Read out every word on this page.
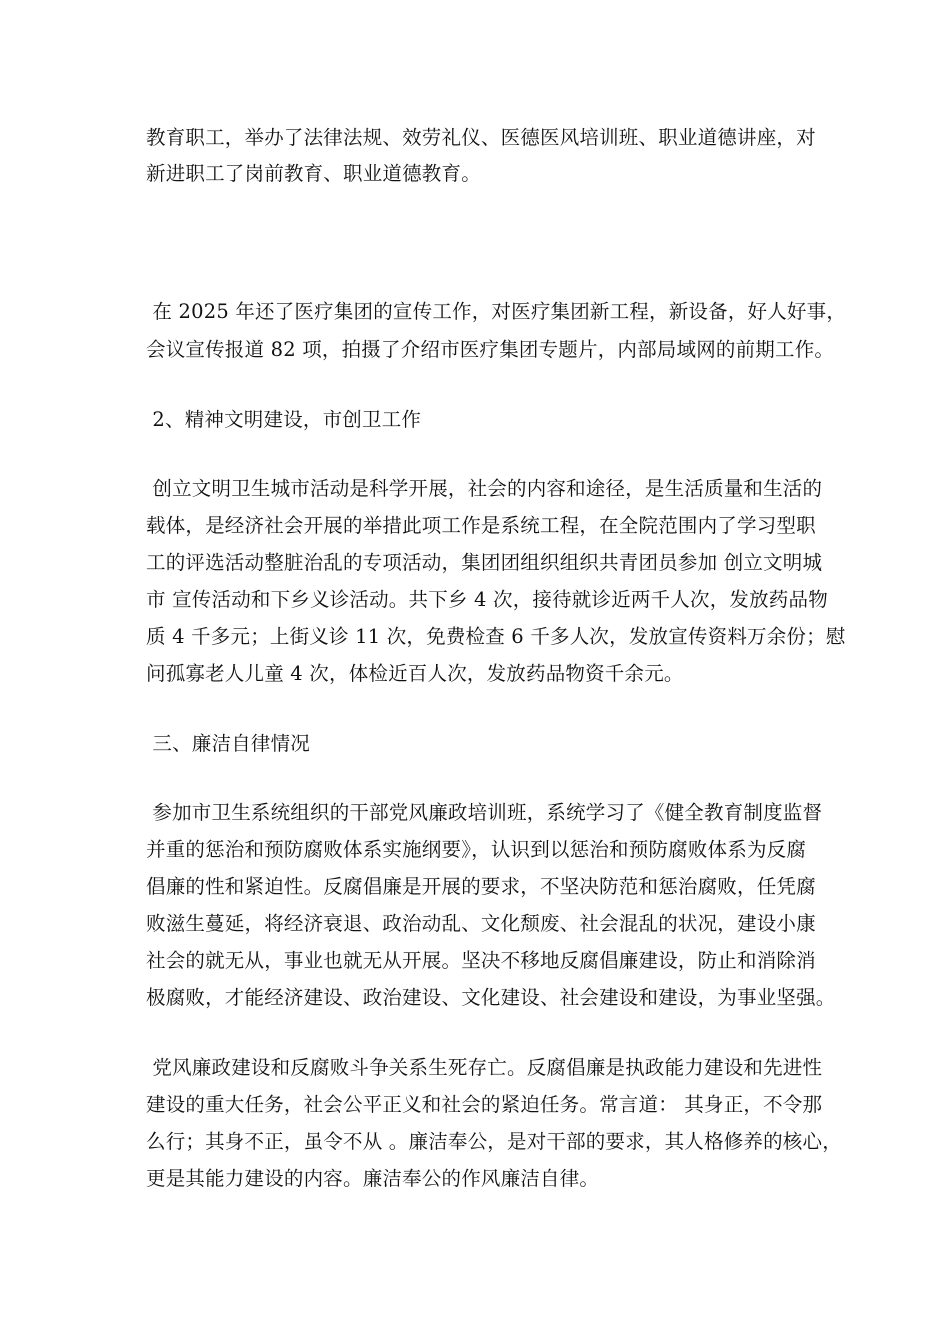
教育职工，举办了法律法规、效劳礼仪、医德医风培训班、职业道德讲座，对
新进职工了岗前教育、职业道德教育。
在 2025 年还了医疗集团的宣传工作，对医疗集团新工程，新设备，好人好事，
会议宣传报道 82 项，拍摄了介绍市医疗集团专题片，内部局域网的前期工作。
2、精神文明建设，市创卫工作
创立文明卫生城市活动是科学开展，社会的内容和途径，是生活质量和生活的
载体，是经济社会开展的举措此项工作是系统工程，在全院范围内了学习型职
工的评选活动整脏治乱的专项活动，集团团组织组织共青团员参加 创立文明城
市 宣传活动和下乡义诊活动。共下乡 4 次，接待就诊近两千人次，发放药品物
质 4 千多元；上街义诊 11 次，免费检查 6 千多人次，发放宣传资料万余份；慰
问孤寡老人儿童 4 次，体检近百人次，发放药品物资千余元。
三、廉洁自律情况
参加市卫生系统组织的干部党风廉政培训班，系统学习了《健全教育制度监督
并重的惩治和预防腐败体系实施纲要》，认识到以惩治和预防腐败体系为反腐
倡廉的性和紧迫性。反腐倡廉是开展的要求，不坚决防范和惩治腐败，任凭腐
败滋生蔓延，将经济衰退、政治动乱、文化颓废、社会混乱的状况，建设小康
社会的就无从，事业也就无从开展。坚决不移地反腐倡廉建设，防止和消除消
极腐败，才能经济建设、政治建设、文化建设、社会建设和建设，为事业坚强。
党风廉政建设和反腐败斗争关系生死存亡。反腐倡廉是执政能力建设和先进性
建设的重大任务，社会公平正义和社会的紧迫任务。常言道： 其身正，不令那
么行；其身不正，虽令不从 。廉洁奉公，是对干部的要求，其人格修养的核心，
更是其能力建设的内容。廉洁奉公的作风廉洁自律。
